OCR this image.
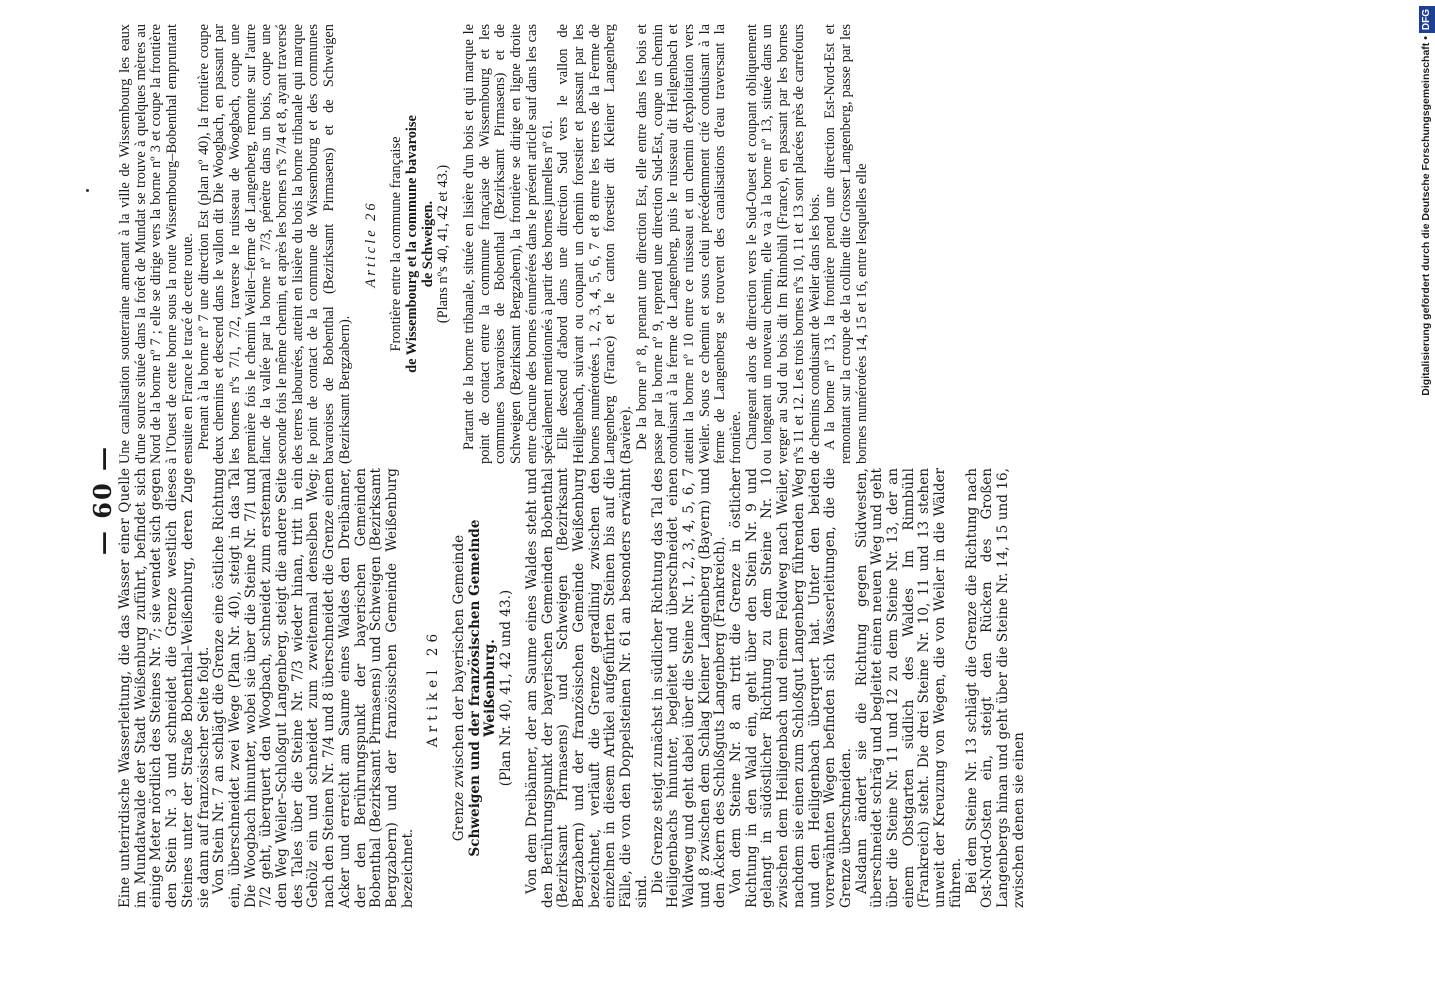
— 60 — Eine unterirdische Wasserleitung, die das Wasser einer Quelle im Mundatwalde der Stadt Weißenburg zuführt, befindet sich einige Meter nördlich des Steines Nr. 7; sie wendet sich gegen den Stein Nr. 3 und schneidet die Grenze westlich dieses Steines unter der Straße Bobenthal–Weißenburg, deren Zuge sie dann auf französischer Seite folgt. Von Stein Nr. 7 an schlägt die Grenze eine östliche Richtung ein, überschneidet zwei Wege (Plan Nr. 40), steigt in das Tal Die Woogbach hinunter, wobei sie über die Steine Nr. 7/1 und 7/2 geht, überquert den Woogbach, schneidet zum erstenmal den Weg Weiler–Schloßgut Langenberg, steigt die andere Seite des Tales über die Steine Nr. 7/3 wieder hinan, tritt in ein Gehölz ein und schneidet zum zweitenmal denselben Weg; nach den Steinen Nr. 7/4 und 8 überschneidet die Grenze einen Acker und erreicht am Saume eines Waldes den Dreibänner, der den Berührungspunkt der bayerischen Gemeinden Bobenthal (Bezirksamt Pirmasens) und Schweigen (Bezirksamt Bergzabern) und der französischen Gemeinde Weißenburg bezeichnet.

Artikel 26 Grenze zwischen der bayerischen Gemeinde Schweigen und der französischen Gemeinde Weißenburg. (Plan Nr. 40, 41, 42 und 43.) Von dem Dreibänner, der am Saume eines Waldes steht und den Berührungspunkt der bayerischen Gemeinden Bobenthal (Bezirksamt Pirmasens) und Schweigen (Bezirksamt Bergzabern) und der französischen Gemeinde Weißenburg bezeichnet, verläuft die Grenze geradlinig zwischen den einzelnen in diesem Artikel aufgeführten Steinen bis auf die Fälle, die von den Doppelsteinen Nr. 61 an besonders erwähnt sind. Die Grenze steigt zunächst in südlicher Richtung das Tal des Heiligenbachs hinunter, begleitet und überschneidet einen Waldweg und geht dabei über die Steine Nr. 1, 2, 3, 4, 5, 6, 7 und 8 zwischen dem Schlag Kleiner Langenberg (Bayern) und den Äckern des Schloßguts Langenberg (Frankreich). Von dem Steine Nr. 8 an tritt die Grenze in östlicher Richtung in den Wald ein, geht über den Stein Nr. 9 und gelangt in südöstlicher Richtung zu dem Steine Nr. 10 zwischen dem Heiligenbach und einem Feldweg nach Weiler, nachdem sie einen zum Schloßgut Langenberg führenden Weg und den Heiligenbach überquert hat. Unter den beiden vorerwähnten Wegen befinden sich Wasserleitungen, die die Grenze überschneiden. Alsdann ändert sie die Richtung gegen Südwesten, überschneidet schräg und begleitet einen neuen Weg und geht über die Steine Nr. 11 und 12 zu dem Steine Nr. 13, der an einem Obstgarten südlich des Waldes Im Rinnbühl (Frankreich) steht. Die drei Steine Nr. 10, 11 und 13 stehen unweit der Kreuzung von Wegen, die von Weiler in die Wälder führen. Bei dem Steine Nr. 13 schlägt die Grenze die Richtung nach Ost-Nord-Osten ein, steigt den Rücken des Großen Langenbergs hinan und geht über die Steine Nr. 14, 15 und 16, zwischen denen sie einen

Une canalisation souterraine amenant à la ville de Wissembourg les eaux d'une source située dans la forêt de Mundat se trouve à quelques mètres au Nord de la borne nº 7 ; elle se dirige vers la borne nº 3 et coupe la frontière à l'Ouest de cette borne sous la route Wissembourg–Bobenthal empruntant ensuite en France le tracé de cette route. Prenant à la borne nº 7 une direction Est (plan nº 40), la frontière coupe deux chemins et descend dans le vallon dit Die Woogbach, en passant par les bornes nºs 7/1, 7/2, traverse le ruisseau de Woogbach, coupe une première fois le chemin Weiler–ferme de Langenberg, remonte sur l'autre flanc de la vallée par la borne nº 7/3, pénètre dans un bois, coupe une seconde fois le même chemin, et après les bornes nºs 7/4 et 8, ayant traversé des terres labourées, atteint en lisière du bois la borne tribanale qui marque le point de contact de la commune de Wissembourg et des communes bavaroises de Bobenthal (Bezirksamt Pirmasens) et de Schweigen (Bezirksamt Bergzabern).

Article 26 Frontière entre la commune française de Wissembourg et la commune bavaroise de Schweigen. (Plans nºs 40, 41, 42 et 43.) Partant de la borne tribanale, située en lisière d'un bois et qui marque le point de contact entre la commune française de Wissembourg et les communes bavaroises de Bobenthal (Bezirksamt Pirmasens) et de Schweigen (Bezirksamt Bergzabern), la frontière se dirige en ligne droite entre chacune des bornes énumérées dans le présent article sauf dans les cas spécialement mentionnés à partir des bornes jumelles nº 61. Elle descend d'abord dans une direction Sud vers le vallon de Heiligenbach, suivant ou coupant un chemin forestier et passant par les bornes numérotées 1, 2, 3, 4, 5, 6, 7 et 8 entre les terres de la Ferme de Langenberg (France) et le canton forestier dit Kleiner Langenberg (Bavière). De la borne nº 8, prenant une direction Est, elle entre dans les bois et passe par la borne nº 9, reprend une direction Sud-Est, coupe un chemin conduisant à la ferme de Langenberg, puis le ruisseau dit Heilgenbach et atteint la borne nº 10 entre ce ruisseau et un chemin d'exploitation vers Weiler. Sous ce chemin et sous celui précédemment cité conduisant à la ferme de Langenberg se trouvent des canalisations d'eau traversant la frontière. Changeant alors de direction vers le Sud-Ouest et coupant obliquement ou longeant un nouveau chemin, elle va à la borne nº 13, située dans un verger au Sud du bois dit Im Rinnbühl (France), en passant par les bornes nºs 11 et 12. Les trois bornes nºs 10, 11 et 13 sont placées près de carrefours de chemins conduisant de Weiler dans les bois. A la borne nº 13, la frontière prend une direction Est-Nord-Est et remontant sur la croupe de la colline dite Grosser Langenberg, passe par les bornes numérotées 14, 15 et 16, entre lesquelles elle	Digitalisierung gefördert durch die Deutsche Forschungsgemeinschaft •DFG
